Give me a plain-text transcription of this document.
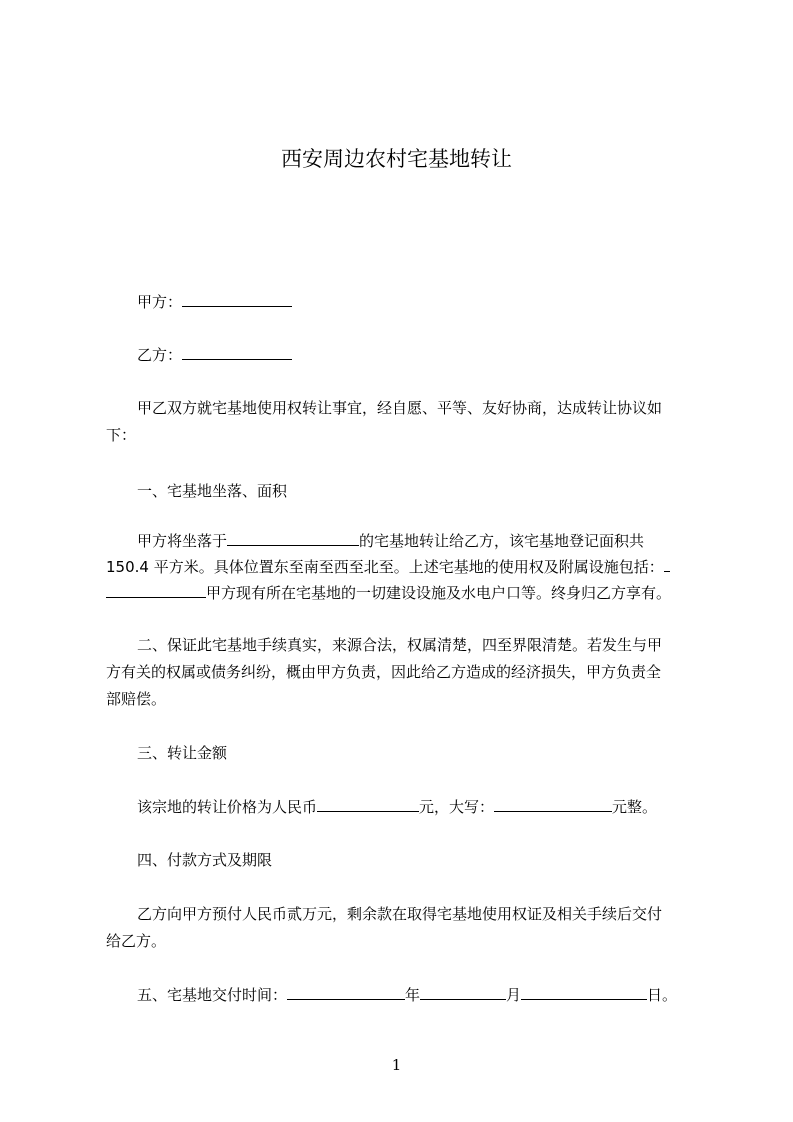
西安周边农村宅基地转让
甲方：
乙方：
甲乙双方就宅基地使用权转让事宜，经自愿、平等、友好协商，达成转让协议如
下：
一、宅基地坐落、面积
甲方将坐落于	的宅基地转让给乙方，该宅基地登记面积共
150.4 平方米。具体位置东至南至西至北至。上述宅基地的使用权及附属设施包括：
甲方现有所在宅基地的一切建设设施及水电户口等。终身归乙方享有。
二、保证此宅基地手续真实，来源合法，权属清楚，四至界限清楚。若发生与甲
方有关的权属或债务纠纷，概由甲方负责，因此给乙方造成的经济损失，甲方负责全
部赔偿。
三、转让金额
该宗地的转让价格为人民币	元，大写：	元整。
四、付款方式及期限
乙方向甲方预付人民币贰万元，剩余款在取得宅基地使用权证及相关手续后交付
给乙方。
五、宅基地交付时间：	年	月	日。
1
